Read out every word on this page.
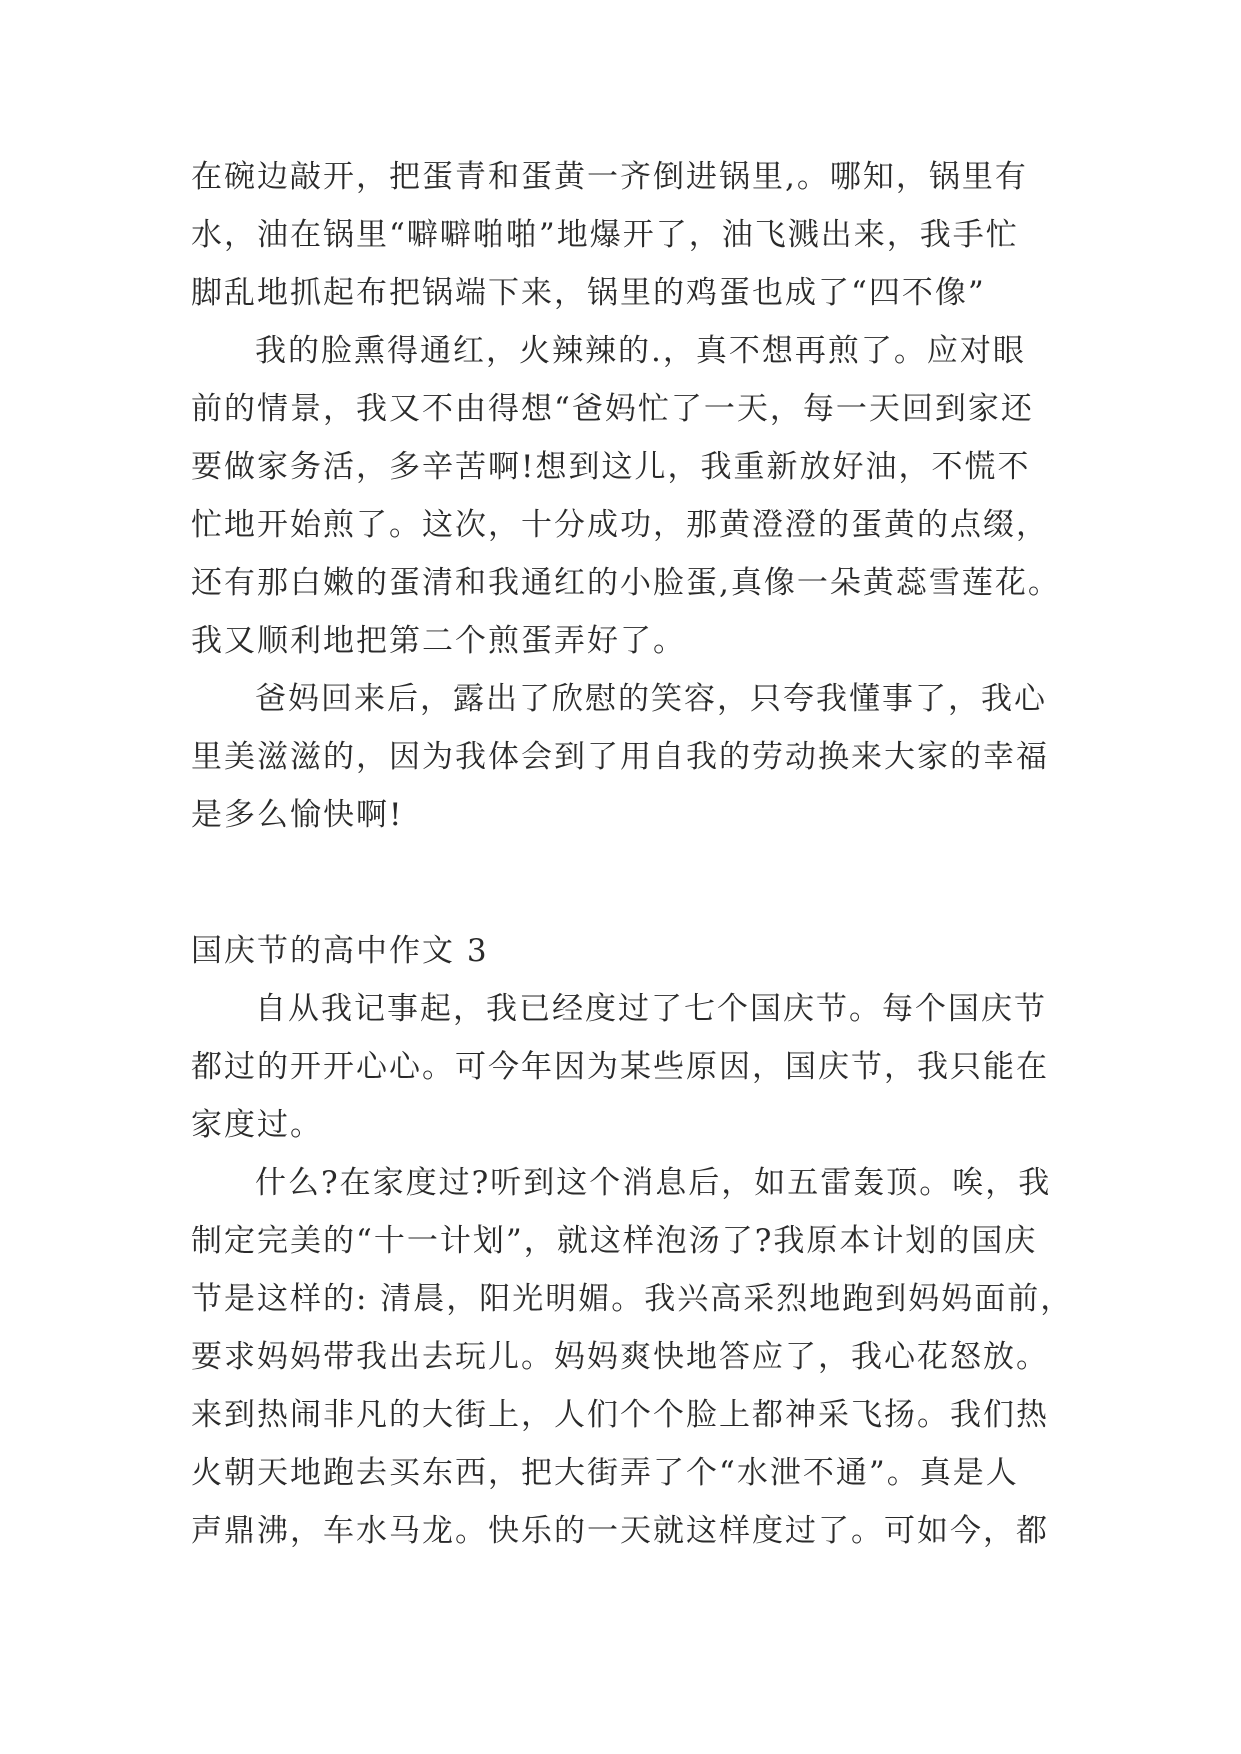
在碗边敲开，把蛋青和蛋黄一齐倒进锅里,。哪知，锅里有
水，油在锅里“噼噼啪啪”地爆开了，油飞溅出来，我手忙
脚乱地抓起布把锅端下来，锅里的鸡蛋也成了“四不像”
我的脸熏得通红，火辣辣的.，真不想再煎了。应对眼
前的情景，我又不由得想“爸妈忙了一天，每一天回到家还
要做家务活，多辛苦啊!想到这儿，我重新放好油，不慌不
忙地开始煎了。这次，十分成功，那黄澄澄的蛋黄的点缀，
还有那白嫩的蛋清和我通红的小脸蛋,真像一朵黄蕊雪莲花。
我又顺利地把第二个煎蛋弄好了。
爸妈回来后，露出了欣慰的笑容，只夸我懂事了，我心
里美滋滋的，因为我体会到了用自我的劳动换来大家的幸福
是多么愉快啊!
国庆节的高中作文 3
自从我记事起，我已经度过了七个国庆节。每个国庆节
都过的开开心心。可今年因为某些原因，国庆节，我只能在
家度过。
什么?在家度过?听到这个消息后，如五雷轰顶。唉，我
制定完美的“十一计划”，就这样泡汤了?我原本计划的国庆
节是这样的: 清晨，阳光明媚。我兴高采烈地跑到妈妈面前，
要求妈妈带我出去玩儿。妈妈爽快地答应了，我心花怒放。
来到热闹非凡的大街上，人们个个脸上都神采飞扬。我们热
火朝天地跑去买东西，把大街弄了个“水泄不通”。真是人
声鼎沸，车水马龙。快乐的一天就这样度过了。可如今，都
